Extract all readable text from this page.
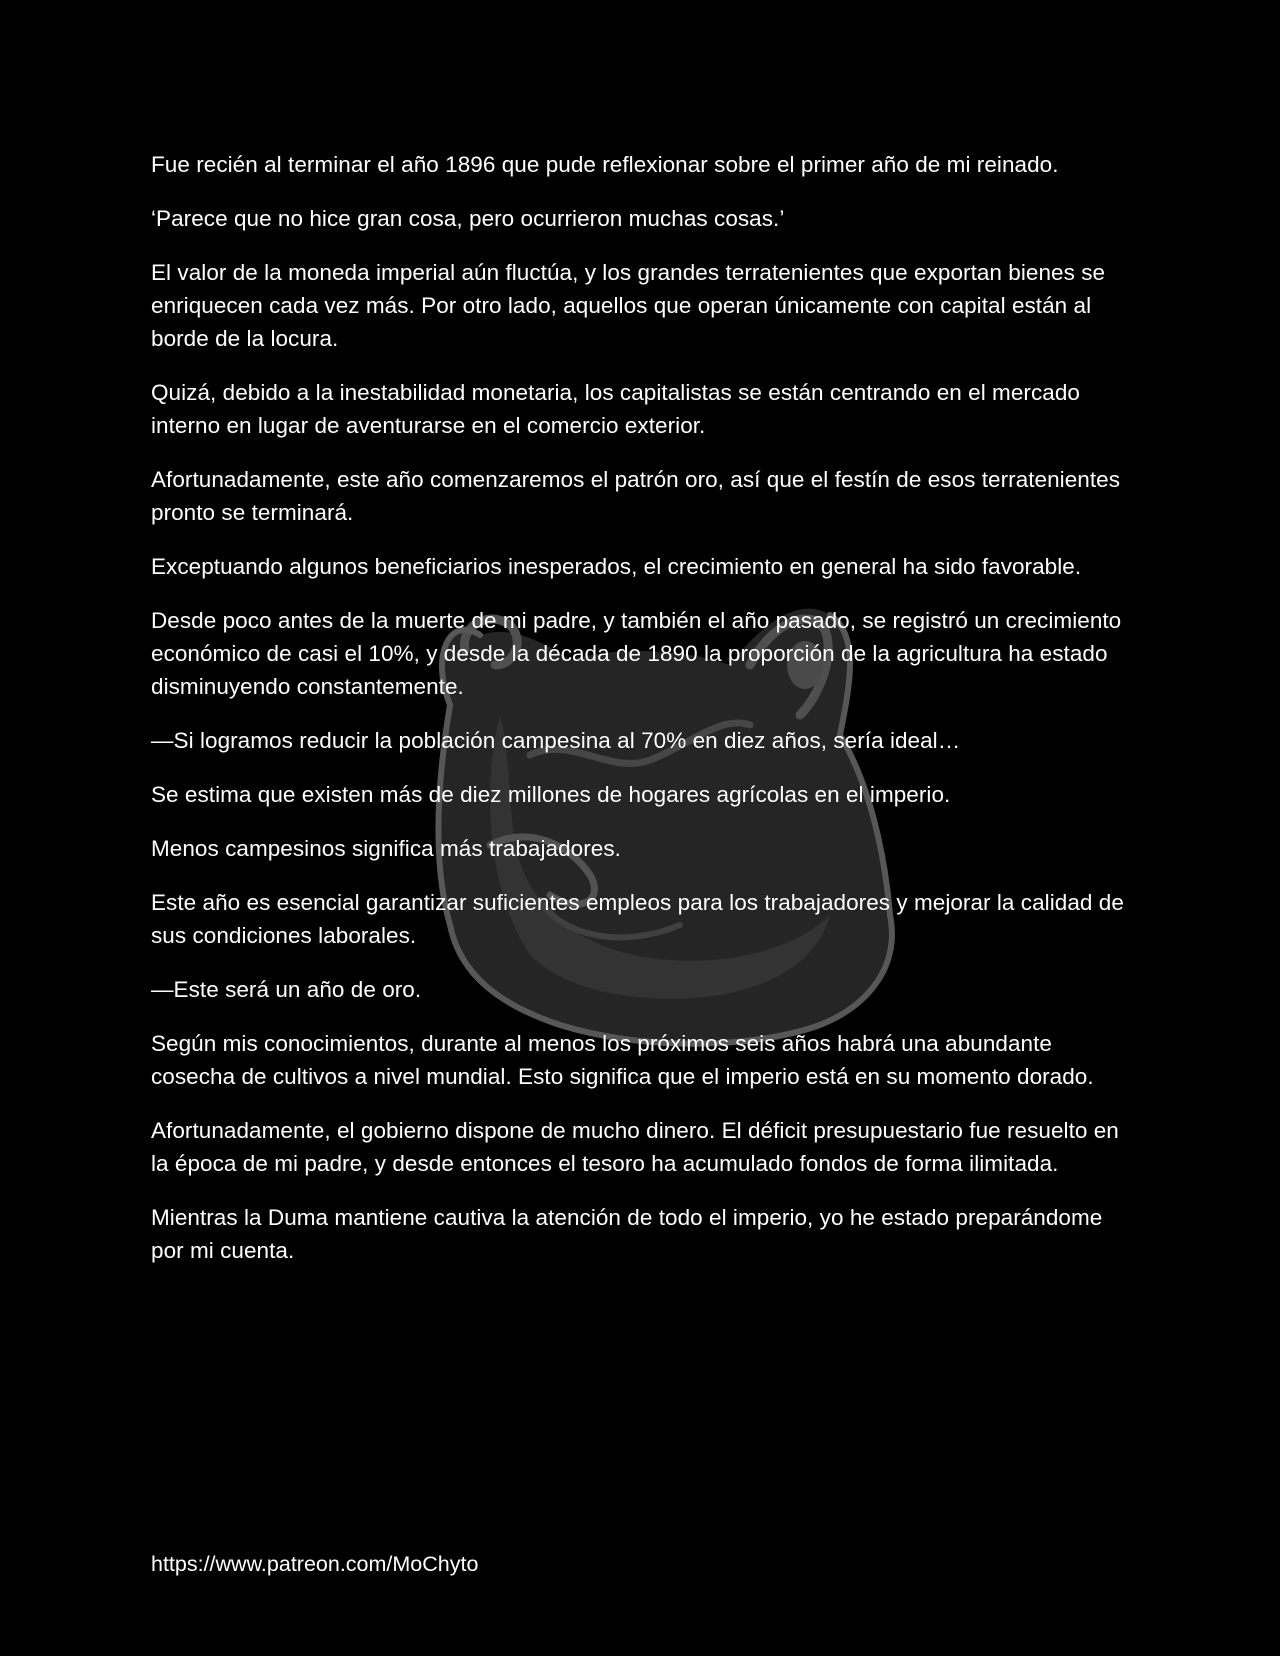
Fue recién al terminar el año 1896 que pude reflexionar sobre el primer año de mi reinado.

‘Parece que no hice gran cosa, pero ocurrieron muchas cosas.’

El valor de la moneda imperial aún fluctúa, y los grandes terratenientes que exportan bienes se enriquecen cada vez más. Por otro lado, aquellos que operan únicamente con capital están al borde de la locura.

Quizá, debido a la inestabilidad monetaria, los capitalistas se están centrando en el mercado interno en lugar de aventurarse en el comercio exterior.

Afortunadamente, este año comenzaremos el patrón oro, así que el festín de esos terratenientes pronto se terminará.

Exceptuando algunos beneficiarios inesperados, el crecimiento en general ha sido favorable.

Desde poco antes de la muerte de mi padre, y también el año pasado, se registró un crecimiento económico de casi el 10%, y desde la década de 1890 la proporción de la agricultura ha estado disminuyendo constantemente.

—Si logramos reducir la población campesina al 70% en diez años, sería ideal…

Se estima que existen más de diez millones de hogares agrícolas en el imperio.

Menos campesinos significa más trabajadores.

Este año es esencial garantizar suficientes empleos para los trabajadores y mejorar la calidad de sus condiciones laborales.

—Este será un año de oro.

Según mis conocimientos, durante al menos los próximos seis años habrá una abundante cosecha de cultivos a nivel mundial. Esto significa que el imperio está en su momento dorado.

Afortunadamente, el gobierno dispone de mucho dinero. El déficit presupuestario fue resuelto en la época de mi padre, y desde entonces el tesoro ha acumulado fondos de forma ilimitada.

Mientras la Duma mantiene cautiva la atención de todo el imperio, yo he estado preparándome por mi cuenta.

https://www.patreon.com/MoChyto
